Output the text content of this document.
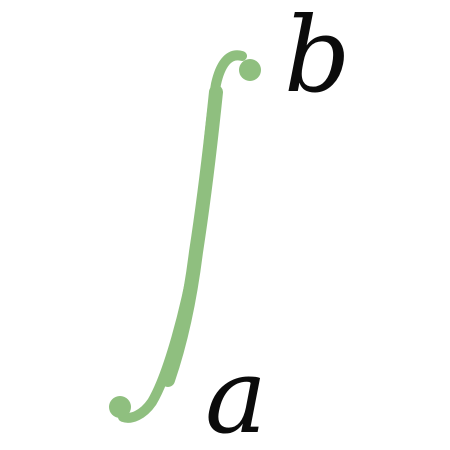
b
a
